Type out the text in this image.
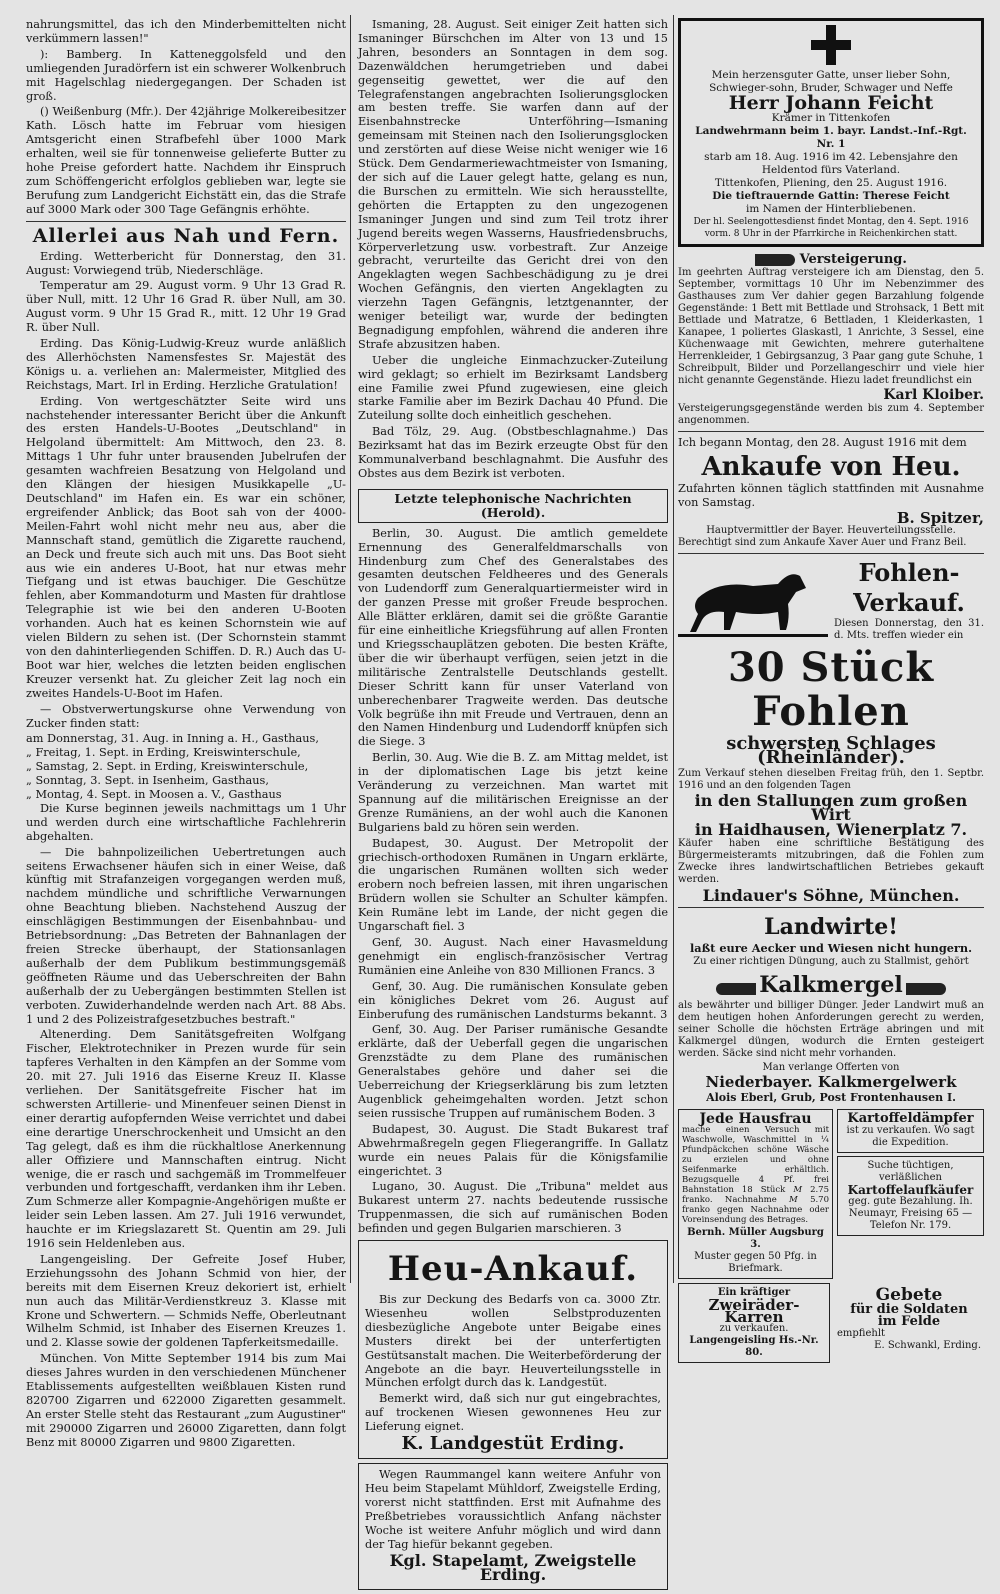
nahrungsmittel, das ich den Minderbemittelten nicht verkümmern lassen!"

): Bamberg. In Katteneggolsfeld und den umliegenden Juradörfern ist ein schwerer Wolkenbruch mit Hagelschlag niedergegangen. Der Schaden ist groß.

() Weißenburg (Mfr.). Der 42jährige Molkereibesitzer Kath. Lösch hatte im Februar vom hiesigen Amtsgericht einen Strafbefehl über 1000 Mark erhalten, weil sie für tonnenweise gelieferte Butter zu hohe Preise gefordert hatte. Nachdem ihr Einspruch zum Schöffengericht erfolglos geblieben war, legte sie Berufung zum Landgericht Eichstätt ein, das die Strafe auf 3000 Mark oder 300 Tage Gefängnis erhöhte.

Allerlei aus Nah und Fern.

Erding. Wetterbericht für Donnerstag, den 31. August: Vorwiegend trüb, Niederschläge.

Temperatur am 29. August vorm. 9 Uhr 13 Grad R. über Null, mitt. 12 Uhr 16 Grad R. über Null, am 30. August vorm. 9 Uhr 15 Grad R., mitt. 12 Uhr 19 Grad R. über Null.

Erding. Das König-Ludwig-Kreuz wurde anläßlich des Allerhöchsten Namensfestes Sr. Majestät des Königs u. a. verliehen an: Malermeister, Mitglied des Reichstags, Mart. Irl in Erding. Herzliche Gratulation!

Erding. Von wertgeschätzter Seite wird uns nachstehender interessanter Bericht über die Ankunft des ersten Handels-U-Bootes „Deutschland" in Helgoland übermittelt: Am Mittwoch, den 23. 8. Mittags 1 Uhr fuhr unter brausenden Jubelrufen der gesamten wachfreien Besatzung von Helgoland und den Klängen der hiesigen Musikkapelle „U-Deutschland" im Hafen ein. Es war ein schöner, ergreifender Anblick; das Boot sah von der 4000-Meilen-Fahrt wohl nicht mehr neu aus, aber die Mannschaft stand, gemütlich die Zigarette rauchend, an Deck und freute sich auch mit uns. Das Boot sieht aus wie ein anderes U-Boot, hat nur etwas mehr Tiefgang und ist etwas bauchiger. Die Geschütze fehlen, aber Kommandoturm und Masten für drahtlose Telegraphie ist wie bei den anderen U-Booten vorhanden. Auch hat es keinen Schornstein wie auf vielen Bildern zu sehen ist. (Der Schornstein stammt von den dahinterliegenden Schiffen. D. R.) Auch das U-Boot war hier, welches die letzten beiden englischen Kreuzer versenkt hat. Zu gleicher Zeit lag noch ein zweites Handels-U-Boot im Hafen.

— Obstverwertungskurse ohne Verwendung von Zucker finden statt:

am Donnerstag, 31. Aug. in Inning a. H., Gasthaus,

„ Freitag, 1. Sept. in Erding, Kreiswinterschule,

„ Samstag, 2. Sept. in Erding, Kreiswinterschule,

„ Sonntag, 3. Sept. in Isenheim, Gasthaus,

„ Montag, 4. Sept. in Moosen a. V., Gasthaus

Die Kurse beginnen jeweils nachmittags um 1 Uhr und werden durch eine wirtschaftliche Fachlehrerin abgehalten.

— Die bahnpolizeilichen Uebertretungen auch seitens Erwachsener häufen sich in einer Weise, daß künftig mit Strafanzeigen vorgegangen werden muß, nachdem mündliche und schriftliche Verwarnungen ohne Beachtung blieben. Nachstehend Auszug der einschlägigen Bestimmungen der Eisenbahnbau- und Betriebsordnung: „Das Betreten der Bahnanlagen der freien Strecke überhaupt, der Stationsanlagen außerhalb der dem Publikum bestimmungsgemäß geöffneten Räume und das Ueberschreiten der Bahn außerhalb der zu Uebergängen bestimmten Stellen ist verboten. Zuwiderhandelnde werden nach Art. 88 Abs. 1 und 2 des Polizeistrafgesetzbuches bestraft."

Altenerding. Dem Sanitätsgefreiten Wolfgang Fischer, Elektrotechniker in Prezen wurde für sein tapferes Verhalten in den Kämpfen an der Somme vom 20. mit 27. Juli 1916 das Eiserne Kreuz II. Klasse verliehen. Der Sanitätsgefreite Fischer hat im schwersten Artillerie- und Minenfeuer seinen Dienst in einer derartig aufopfernden Weise verrichtet und dabei eine derartige Unerschrockenheit und Umsicht an den Tag gelegt, daß es ihm die rückhaltlose Anerkennung aller Offiziere und Mannschaften eintrug. Nicht wenige, die er rasch und sachgemäß im Trommelfeuer verbunden und fortgeschafft, verdanken ihm ihr Leben. Zum Schmerze aller Kompagnie-Angehörigen mußte er leider sein Leben lassen. Am 27. Juli 1916 verwundet, hauchte er im Kriegslazarett St. Quentin am 29. Juli 1916 sein Heldenleben aus.

Langengeisling. Der Gefreite Josef Huber, Erziehungssohn des Johann Schmid von hier, der bereits mit dem Eisernen Kreuz dekoriert ist, erhielt nun auch das Militär-Verdienstkreuz 3. Klasse mit Krone und Schwertern. — Schmids Neffe, Oberleutnant Wilhelm Schmid, ist Inhaber des Eisernen Kreuzes 1. und 2. Klasse sowie der goldenen Tapferkeitsmedaille.

München. Von Mitte September 1914 bis zum Mai dieses Jahres wurden in den verschiedenen Münchener Etablissements aufgestellten weißblauen Kisten rund 820700 Zigarren und 622000 Zigaretten gesammelt. An erster Stelle steht das Restaurant „zum Augustiner" mit 290000 Zigarren und 26000 Zigaretten, dann folgt Benz mit 80000 Zigarren und 9800 Zigaretten.

Ismaning, 28. August. Seit einiger Zeit hatten sich Ismaninger Bürschchen im Alter von 13 und 15 Jahren, besonders an Sonntagen in dem sog. Dazenwäldchen herumgetrieben und dabei gegenseitig gewettet, wer die auf den Telegrafenstangen angebrachten Isolierungsglocken am besten treffe. Sie warfen dann auf der Eisenbahnstrecke Unterföhring—Ismaning gemeinsam mit Steinen nach den Isolierungsglocken und zerstörten auf diese Weise nicht weniger wie 16 Stück. Dem Gendarmeriewachtmeister von Ismaning, der sich auf die Lauer gelegt hatte, gelang es nun, die Burschen zu ermitteln. Wie sich herausstellte, gehörten die Ertappten zu den ungezogenen Ismaninger Jungen und sind zum Teil trotz ihrer Jugend bereits wegen Wasserns, Hausfriedensbruchs, Körperverletzung usw. vorbestraft. Zur Anzeige gebracht, verurteilte das Gericht drei von den Angeklagten wegen Sachbeschädigung zu je drei Wochen Gefängnis, den vierten Angeklagten zu vierzehn Tagen Gefängnis, letztgenannter, der weniger beteiligt war, wurde der bedingten Begnadigung empfohlen, während die anderen ihre Strafe abzusitzen haben.

Ueber die ungleiche Einmachzucker-Zuteilung wird geklagt; so erhielt im Bezirksamt Landsberg eine Familie zwei Pfund zugewiesen, eine gleich starke Familie aber im Bezirk Dachau 40 Pfund. Die Zuteilung sollte doch einheitlich geschehen.

Bad Tölz, 29. Aug. (Obstbeschlagnahme.) Das Bezirksamt hat das im Bezirk erzeugte Obst für den Kommunalverband beschlagnahmt. Die Ausfuhr des Obstes aus dem Bezirk ist verboten.

Letzte telephonische Nachrichten (Herold).

Berlin, 30. August. Die amtlich gemeldete Ernennung des Generalfeldmarschalls von Hindenburg zum Chef des Generalstabes des gesamten deutschen Feldheeres und des Generals von Ludendorff zum Generalquartiermeister wird in der ganzen Presse mit großer Freude besprochen. Alle Blätter erklären, damit sei die größte Garantie für eine einheitliche Kriegsführung auf allen Fronten und Kriegsschauplätzen geboten. Die besten Kräfte, über die wir überhaupt verfügen, seien jetzt in die militärische Zentralstelle Deutschlands gestellt. Dieser Schritt kann für unser Vaterland von unberechenbarer Tragweite werden. Das deutsche Volk begrüße ihn mit Freude und Vertrauen, denn an den Namen Hindenburg und Ludendorff knüpfen sich die Siege. 3

Berlin, 30. Aug. Wie die B. Z. am Mittag meldet, ist in der diplomatischen Lage bis jetzt keine Veränderung zu verzeichnen. Man wartet mit Spannung auf die militärischen Ereignisse an der Grenze Rumäniens, an der wohl auch die Kanonen Bulgariens bald zu hören sein werden.

Budapest, 30. August. Der Metropolit der griechisch-orthodoxen Rumänen in Ungarn erklärte, die ungarischen Rumänen wollten sich weder erobern noch befreien lassen, mit ihren ungarischen Brüdern wollen sie Schulter an Schulter kämpfen. Kein Rumäne lebt im Lande, der nicht gegen die Ungarschaft fiel. 3

Genf, 30. August. Nach einer Havasmeldung genehmigt ein englisch-französischer Vertrag Rumänien eine Anleihe von 830 Millionen Francs. 3

Genf, 30. Aug. Die rumänischen Konsulate geben ein königliches Dekret vom 26. August auf Einberufung des rumänischen Landsturms bekannt. 3

Genf, 30. Aug. Der Pariser rumänische Gesandte erklärte, daß der Ueberfall gegen die ungarischen Grenzstädte zu dem Plane des rumänischen Generalstabes gehöre und daher sei die Ueberreichung der Kriegserklärung bis zum letzten Augenblick geheimgehalten worden. Jetzt schon seien russische Truppen auf rumänischem Boden. 3

Budapest, 30. August. Die Stadt Bukarest traf Abwehrmaßregeln gegen Fliegerangriffe. In Gallatz wurde ein neues Palais für die Königsfamilie eingerichtet. 3

Lugano, 30. August. Die „Tribuna" meldet aus Bukarest unterm 27. nachts bedeutende russische Truppenmassen, die sich auf rumänischen Boden befinden und gegen Bulgarien marschieren. 3

Heu-Ankauf.

Bis zur Deckung des Bedarfs von ca. 3000 Ztr. Wiesenheu wollen Selbstproduzenten diesbezügliche Angebote unter Beigabe eines Musters direkt bei der unterfertigten Gestütsanstalt machen. Die Weiterbeförderung der Angebote an die bayr. Heuverteilungsstelle in München erfolgt durch das k. Landgestüt.

Bemerkt wird, daß sich nur gut eingebrachtes, auf trockenen Wiesen gewonnenes Heu zur Lieferung eignet.

K. Landgestüt Erding.

Wegen Raummangel kann weitere Anfuhr von Heu beim Stapelamt Mühldorf, Zweigstelle Erding, vorerst nicht stattfinden. Erst mit Aufnahme des Preßbetriebes voraussichtlich Anfang nächster Woche ist weitere Anfuhr möglich und wird dann der Tag hiefür bekannt gegeben.

Kgl. Stapelamt, Zweigstelle Erding.
Mein herzensguter Gatte, unser lieber Sohn, Schwieger-sohn, Bruder, Schwager und Neffe
Herr Johann Feicht
Krämer in Tittenkofen
Landwehrmann beim 1. bayr. Landst.-Inf.-Rgt. Nr. 1
starb am 18. Aug. 1916 im 42. Lebensjahre den Heldentod fürs Vaterland.
Tittenkofen, Pliening, den 25. August 1916.
Die tieftrauernde Gattin: Therese Feicht
im Namen der Hinterbliebenen.
Der hl. Seelengottesdienst findet Montag, den 4. Sept. 1916 vorm. 8 Uhr in der Pfarrkirche in Reichenkirchen statt.
Versteigerung.

Im geehrten Auftrag versteigere ich am Dienstag, den 5. September, vormittags 10 Uhr im Nebenzimmer des Gasthauses zum Ver dahier gegen Barzahlung folgende Gegenstände: 1 Bett mit Bettlade und Strohsack, 1 Bett mit Bettlade und Matratze, 6 Bettladen, 1 Kleiderkasten, 1 Kanapee, 1 poliertes Glaskastl, 1 Anrichte, 3 Sessel, eine Küchenwaage mit Gewichten, mehrere guterhaltene Herrenkleider, 1 Gebirgsanzug, 3 Paar gang gute Schuhe, 1 Schreibpult, Bilder und Porzellangeschirr und viele hier nicht genannte Gegenstände. Hiezu ladet freundlichst ein

Karl Kloiber.

Versteigerungsgegenstände werden bis zum 4. September angenommen.

Ich begann Montag, den 28. August 1916 mit dem

Ankaufe von Heu.

Zufahrten können täglich stattfinden mit Ausnahme von Samstag.

B. Spitzer,
Hauptvermittler der Bayer. Heuverteilungsstelle.

Berechtigt sind zum Ankaufe Xaver Auer und Franz Beil.

Fohlen-
Verkauf.

Diesen Donnerstag, den 31. d. Mts. treffen wieder ein

30 Stück Fohlen
schwersten Schlages (Rheinländer).

Zum Verkauf stehen dieselben Freitag früh, den 1. Septbr. 1916 und an den folgenden Tagen

in den Stallungen zum großen Wirt
in Haidhausen, Wienerplatz 7.

Käufer haben eine schriftliche Bestätigung des Bürgermeisteramts mitzubringen, daß die Fohlen zum Zwecke ihres landwirtschaftlichen Betriebes gekauft werden.

Lindauer's Söhne, München.
Landwirte!
laßt eure Aecker und Wiesen nicht hungern.

Zu einer richtigen Düngung, auch zu Stallmist, gehört

Kalkmergel

als bewährter und billiger Dünger. Jeder Landwirt muß an dem heutigen hohen Anforderungen gerecht zu werden, seiner Scholle die höchsten Erträge abringen und mit Kalkmergel düngen, wodurch die Ernten gesteigert werden. Säcke sind nicht mehr vorhanden.

Man verlange Offerten von

Niederbayer. Kalkmergelwerk
Alois Eberl, Grub, Post Frontenhausen I.
Jede Hausfrau

mache einen Versuch mit Waschwolle, Waschmittel in ¼ Pfundpäckchen schöne Wäsche zu erzielen und ohne Seifenmarke erhältlich. Bezugsquelle 4 Pf. frei Bahnstation 18 Stück 𝑀 2.75 franko. Nachnahme 𝑀 5.70 franko gegen Nachnahme oder Voreinsendung des Betrages.

Bernh. Müller Augsburg 3.
Muster gegen 50 Pfg. in Briefmark.
Kartoffeldämpfer
ist zu verkaufen. Wo sagt die Expedition.
Suche tüchtigen, verläßlichen
Kartoffelaufkäufer
geg. gute Bezahlung. Ih. Neumayr, Freising 65 — Telefon Nr. 179.
Ein kräftiger
Zweiräder-Karren
zu verkaufen.
Langengeisling Hs.-Nr. 80.
Gebete
für die Soldaten
im Felde
empfiehlt
E. Schwankl, Erding.
